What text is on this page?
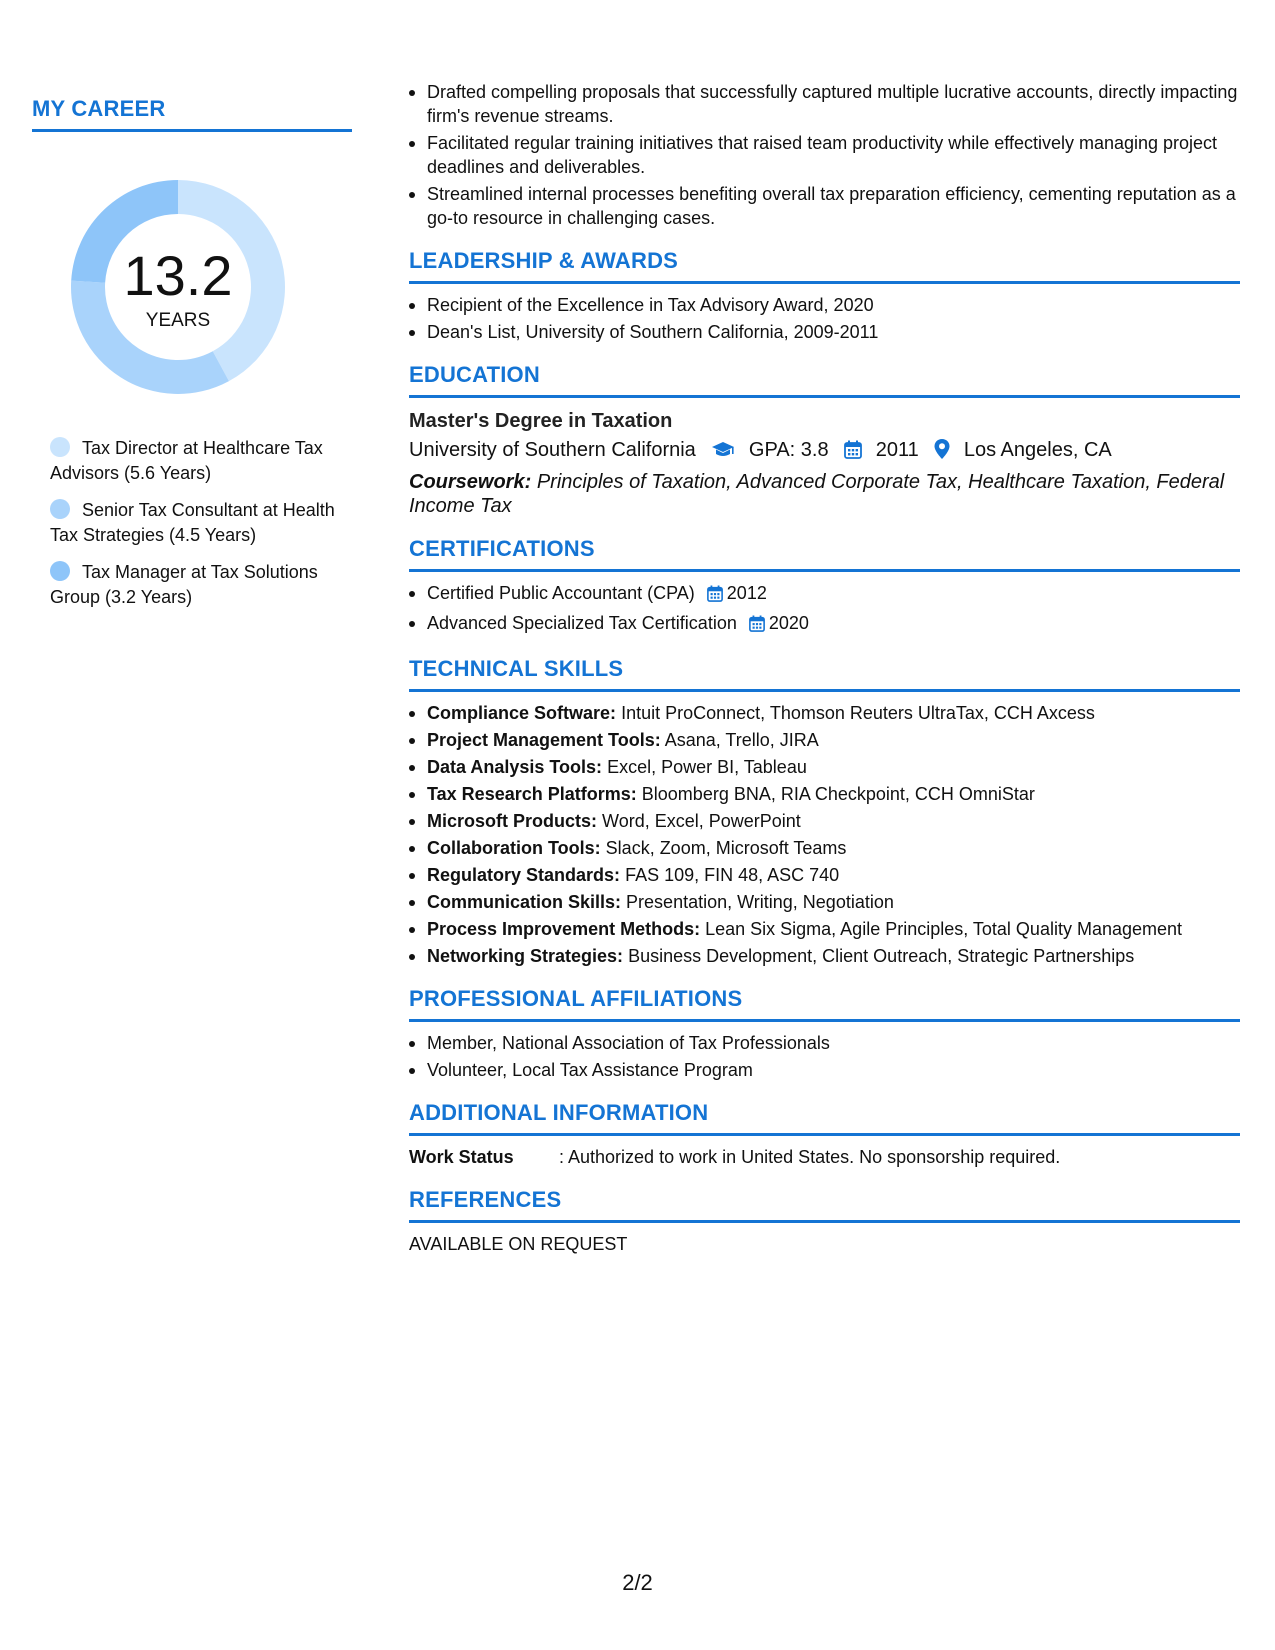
MY CAREER
13.2
YEARS
Tax Director at Healthcare Tax Advisors (5.6 Years)
Senior Tax Consultant at Health Tax Strategies (4.5 Years)
Tax Manager at Tax Solutions Group (3.2 Years)
Drafted compelling proposals that successfully captured multiple lucrative accounts, directly impacting firm's revenue streams.
Facilitated regular training initiatives that raised team productivity while effectively managing project deadlines and deliverables.
Streamlined internal processes benefiting overall tax preparation efficiency, cementing reputation as a go-to resource in challenging cases.
LEADERSHIP & AWARDS
Recipient of the Excellence in Tax Advisory Award, 2020
Dean's List, University of Southern California, 2009-2011
EDUCATION
Master's Degree in Taxation
University of Southern California	GPA: 3.8 2011 Los Angeles, CA
Coursework: Principles of Taxation, Advanced Corporate Tax, Healthcare Taxation, Federal Income Tax
CERTIFICATIONS
Certified Public Accountant (CPA) 2012
Advanced Specialized Tax Certification 2020
TECHNICAL SKILLS
Compliance Software: Intuit ProConnect, Thomson Reuters UltraTax, CCH Axcess
Project Management Tools: Asana, Trello, JIRA
Data Analysis Tools: Excel, Power BI, Tableau
Tax Research Platforms: Bloomberg BNA, RIA Checkpoint, CCH OmniStar
Microsoft Products: Word, Excel, PowerPoint
Collaboration Tools: Slack, Zoom, Microsoft Teams
Regulatory Standards: FAS 109, FIN 48, ASC 740
Communication Skills: Presentation, Writing, Negotiation
Process Improvement Methods: Lean Six Sigma, Agile Principles, Total Quality Management
Networking Strategies: Business Development, Client Outreach, Strategic Partnerships
PROFESSIONAL AFFILIATIONS
Member, National Association of Tax Professionals
Volunteer, Local Tax Assistance Program
ADDITIONAL INFORMATION
Work Status	: Authorized to work in United States. No sponsorship required.
REFERENCES
AVAILABLE ON REQUEST
2/2
